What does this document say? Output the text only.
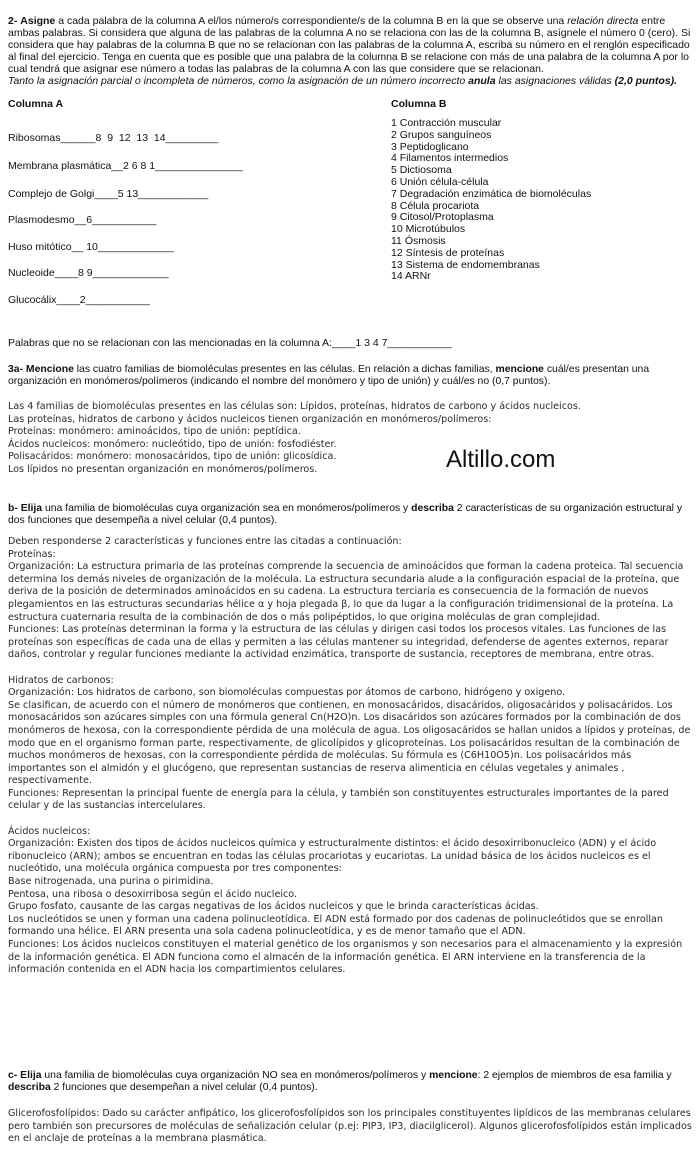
2- Asigne a cada palabra de la columna A el/los número/s correspondiente/s de la columna B en la que se observe una relación directa entre ambas palabras. Si considera que alguna de las palabras de la columna A no se relaciona con las de la columna B, asígnele el número 0 (cero). Si considera que hay palabras de la columna B que no se relacionan con las palabras de la columna A, escriba su número en el renglón especificado al final del ejercicio. Tenga en cuenta que es posible que una palabra de la columna B se relacione con más de una palabra de la columna A por lo cual tendrá que asignar ese número a todas las palabras de la columna A con las que considere que se relacionan.

Tanto la asignación parcial o incompleta de números, como la asignación de un número incorrecto anula las asignaciones válidas (2,0 puntos).

Columna A	Columna B
Ribosomas______8  9  12  13  14_________
Membrana plasmática__2 6 8 1_______________
Complejo de Golgi____5 13____________
Plasmodesmo__6___________
Huso mitótico__ 10_____________
Nucleoide____8 9_____________
Glucocálix____2___________
1 Contracción muscular
2 Grupos sanguíneos
3 Peptidoglicano
4 Filamentos intermedios
5 Dictiosoma
6 Unión célula-célula
7 Degradación enzimática de biomoléculas
8 Célula procariota
9 Citosol/Protoplasma
10 Microtúbulos
11 Ósmosis
12 Síntesis de proteínas
13 Sistema de endomembranas
14 ARNr
Palabras que no se relacionan con las mencionadas en la columna A:____1 3 4 7___________

3a- Mencione las cuatro familias de biomoléculas presentes en las células. En relación a dichas familias, mencione cuál/es presentan una organización en monómeros/polímeros (indicando el nombre del monómero y tipo de unión) y cuál/es no (0,7 puntos).

Las 4 familias de biomoléculas presentes en las células son: Lípidos, proteínas, hidratos de carbono y ácidos nucleicos.

Las proteínas, hidratos de carbono y ácidos nucleicos tienen organización en monómeros/polímeros:

Proteínas: monómero: aminoácidos, tipo de unión: peptídica.

Ácidos nucleicos: monómero: nucleótido, tipo de unión: fosfodiéster.

Polisacáridos: monómero: monosacáridos, tipo de unión: glicosídica.

Los lípidos no presentan organización en monómeros/polímeros.	Altillo.com

b- Elija una familia de biomoléculas cuya organización sea en monómeros/polímeros y describa 2 características de su organización estructural y dos funciones que desempeña a nivel celular (0,4 puntos).

Deben responderse 2 características y funciones entre las citadas a continuación:

Proteínas:

Organización: La estructura primaria de las proteínas comprende la secuencia de aminoácidos que forman la cadena proteica. Tal secuencia determina los demás niveles de organización de la molécula. La estructura secundaria alude a la configuración espacial de la proteína, que deriva de la posición de determinados aminoácidos en su cadena. La estructura terciaria es consecuencia de la formación de nuevos plegamientos en las estructuras secundarias hélice α y hoja plegada β, lo que da lugar a la configuración tridimensional de la proteína. La estructura cuaternaria resulta de la combinación de dos o más polipéptidos, lo que origina moléculas de gran complejidad.

Funciones: Las proteínas determinan la forma y la estructura de las células y dirigen casi todos los procesos vitales. Las funciones de las proteínas son específicas de cada una de ellas y permiten a las células mantener su integridad, defenderse de agentes externos, reparar daños, controlar y regular funciones mediante la actividad enzimática, transporte de sustancia, receptores de membrana, entre otras.

Hidratos de carbonos:

Organización: Los hidratos de carbono, son biomoléculas compuestas por átomos de carbono, hidrógeno y oxigeno.

Se clasifican, de acuerdo con el número de monómeros que contienen, en monosacáridos, disacáridos, oligosacáridos y polisacáridos. Los monosacáridos son azúcares simples con una fórmula general Cn(H2O)n. Los disacáridos son azúcares formados por la combinación de dos monómeros de hexosa, con la correspondiente pérdida de una molécula de agua. Los oligosacáridos se hallan unidos a lípidos y proteínas, de modo que en el organismo forman parte, respectivamente, de glicolípidos y glicoproteínas. Los polisacáridos resultan de la combinación de muchos monómeros de hexosas, con la correspondiente pérdida de moléculas. Su fórmula es (C6H10O5)n. Los polisacáridos más importantes son el almidón y el glucógeno, que representan sustancias de reserva alimenticia en células vegetales y animales , respectivamente.

Funciones: Representan la principal fuente de energía para la célula, y también son constituyentes estructurales importantes de la pared celular y de las sustancias intercelulares.

Ácidos nucleicos:

Organización: Existen dos tipos de ácidos nucleicos química y estructuralmente distintos: el ácido desoxirribonucleico (ADN) y el ácido ribonucleico (ARN); ambos se encuentran en todas las células procariotas y eucariotas. La unidad básica de los ácidos nucleicos es el nucleótido, una molécula orgánica compuesta por tres componentes:

Base nitrogenada, una purina o pirimidina.

Pentosa, una ribosa o desoxirribosa según el ácido nucleico.

Grupo fosfato, causante de las cargas negativas de los ácidos nucleicos y que le brinda características ácidas.

Los nucleótidos se unen y forman una cadena polinucleotídica. El ADN está formado por dos cadenas de polinucleótidos que se enrollan formando una hélice. El ARN presenta una sola cadena polinucleotídica, y es de menor tamaño que el ADN.

Funciones: Los ácidos nucleicos constituyen el material genético de los organismos y son necesarios para el almacenamiento y la expresión de la información genética. El ADN funciona como el almacén de la información genética. El ARN interviene en la transferencia de la información contenida en el ADN hacia los compartimientos celulares.

c- Elija una familia de biomoléculas cuya organización NO sea en monómeros/polímeros y mencione: 2 ejemplos de miembros de esa familia y describa 2 funciones que desempeñan a nivel celular (0,4 puntos).

Glicerofosfolípidos: Dado su carácter anfipático, los glicerofosfolípidos son los principales constituyentes lipídicos de las membranas celulares pero también son precursores de moléculas de señalización celular (p.ej: PIP3, IP3, diacilglicerol). Algunos glicerofosfolípidos están implicados en el anclaje de proteínas a la membrana plasmática.
